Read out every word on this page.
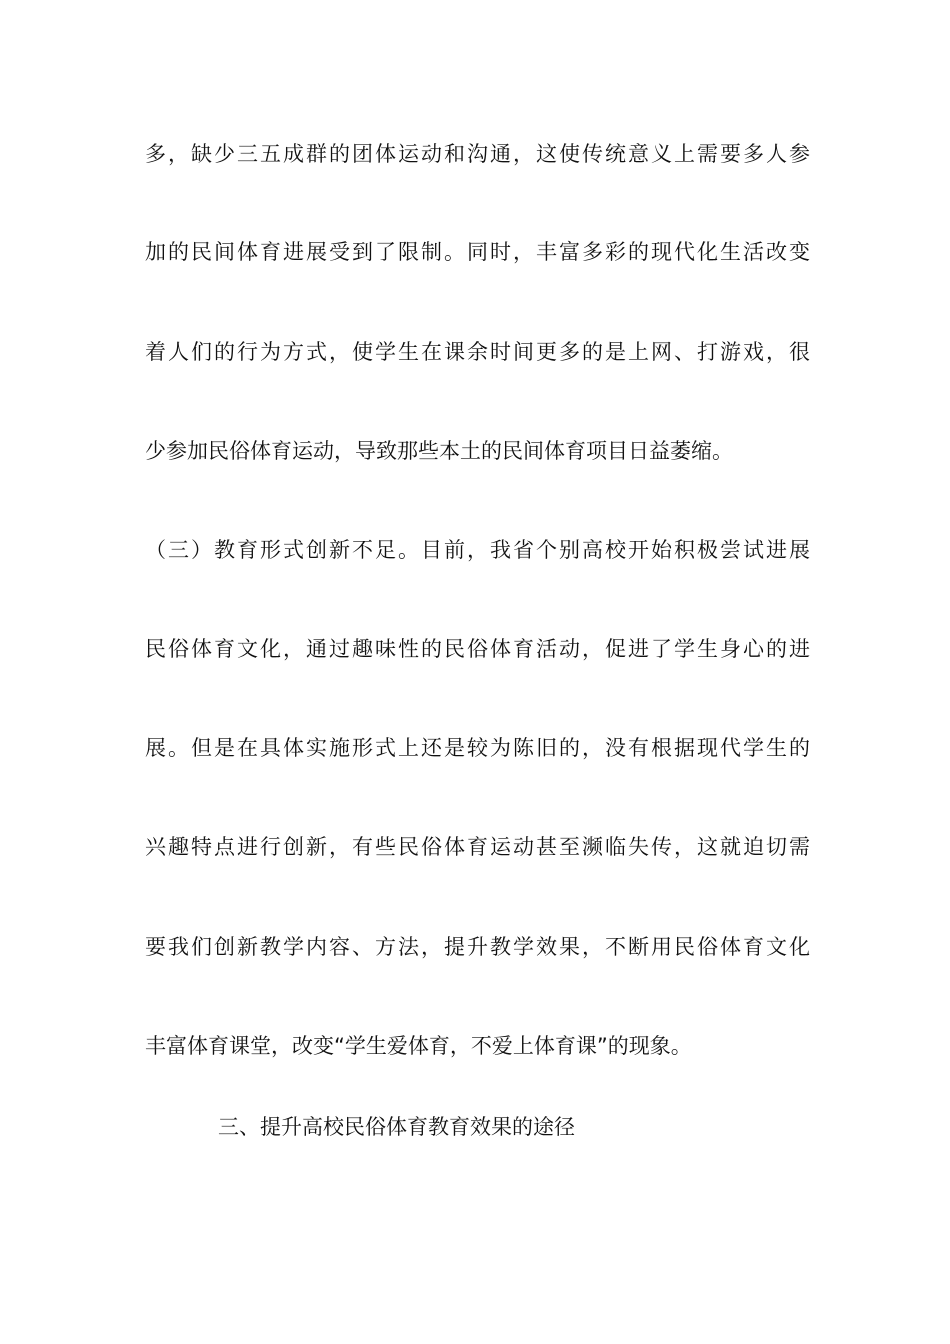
多，缺少三五成群的团体运动和沟通，这使传统意义上需要多人参
加的民间体育进展受到了限制。同时，丰富多彩的现代化生活改变
着人们的行为方式，使学生在课余时间更多的是上网、打游戏，很
少参加民俗体育运动，导致那些本土的民间体育项目日益萎缩。
（三）教育形式创新不足。目前，我省个别高校开始积极尝试进展
民俗体育文化，通过趣味性的民俗体育活动，促进了学生身心的进
展。但是在具体实施形式上还是较为陈旧的，没有根据现代学生的
兴趣特点进行创新，有些民俗体育运动甚至濒临失传，这就迫切需
要我们创新教学内容、方法，提升教学效果，不断用民俗体育文化
丰富体育课堂，改变“学生爱体育，不爱上体育课”的现象。
三、提升高校民俗体育教育效果的途径
